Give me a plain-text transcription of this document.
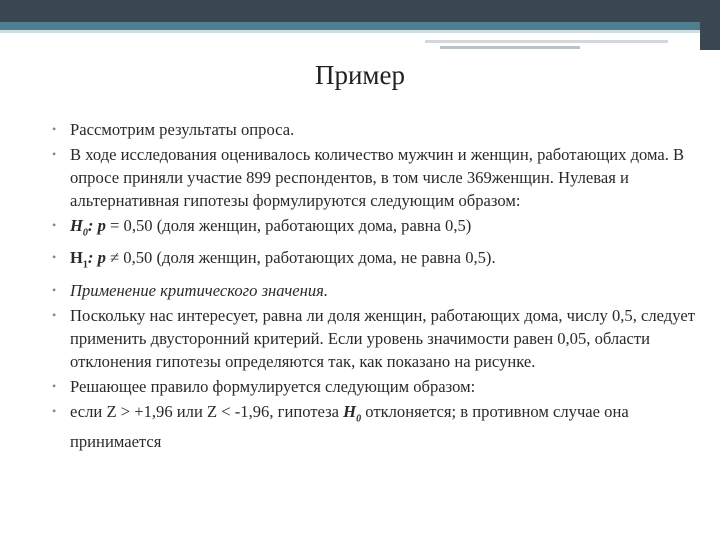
Пример
• Рассмотрим результаты опроса.
• В ходе исследования оценивалось количество мужчин и женщин, работающих дома. В опросе приняли участие 899 респондентов, в том числе 369женщин. Нулевая и альтернативная гипотезы формулируются следующим образом:
• $H_0$: p = 0,50 (доля женщин, работающих дома, равна 0,5)
• $H_1$: p ≠ 0,50 (доля женщин, работающих дома, не равна 0,5).
• Применение критического значения.
• Поскольку нас интересует, равна ли доля женщин, работающих дома, числу 0,5, следует применить двусторонний критерий. Если уровень значимости равен 0,05, области отклонения гипотезы определяются так, как показано на рисунке.
• Решающее правило формулируется следующим образом:
• если Z > +1,96 или Z < -1,96, гипотеза $H_0$ отклоняется; в противном случае она принимается
